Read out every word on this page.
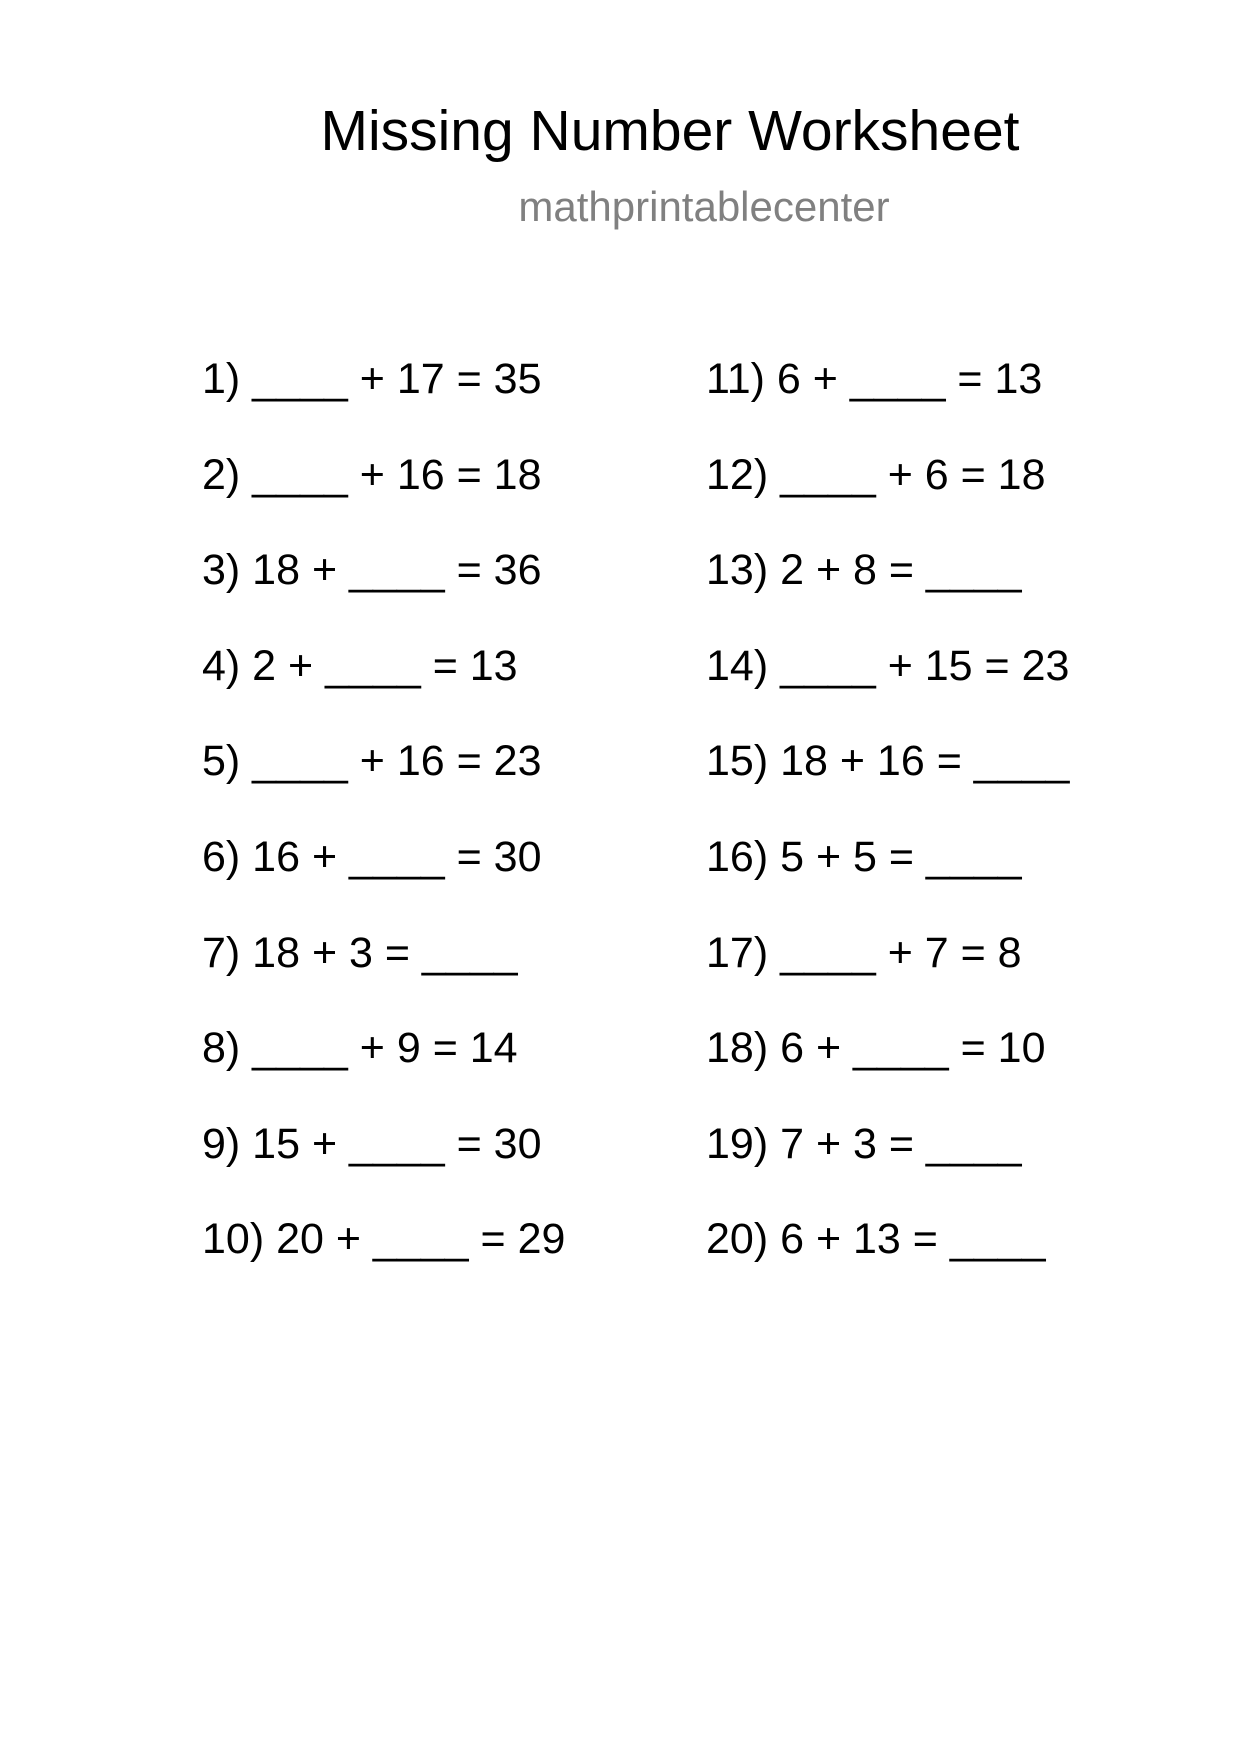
Missing Number Worksheet
mathprintablecenter
1) ____ + 17 = 35
2) ____ + 16 = 18
3) 18 + ____ = 36
4) 2 + ____ = 13
5) ____ + 16 = 23
6) 16 + ____ = 30
7) 18 + 3 = ____
8) ____ + 9 = 14
9) 15 + ____ = 30
10) 20 + ____ = 29
11) 6 + ____ = 13
12) ____ + 6 = 18
13) 2 + 8 = ____
14) ____ + 15 = 23
15) 18 + 16 = ____
16) 5 + 5 = ____
17) ____ + 7 = 8
18) 6 + ____ = 10
19) 7 + 3 = ____
20) 6 + 13 = ____
